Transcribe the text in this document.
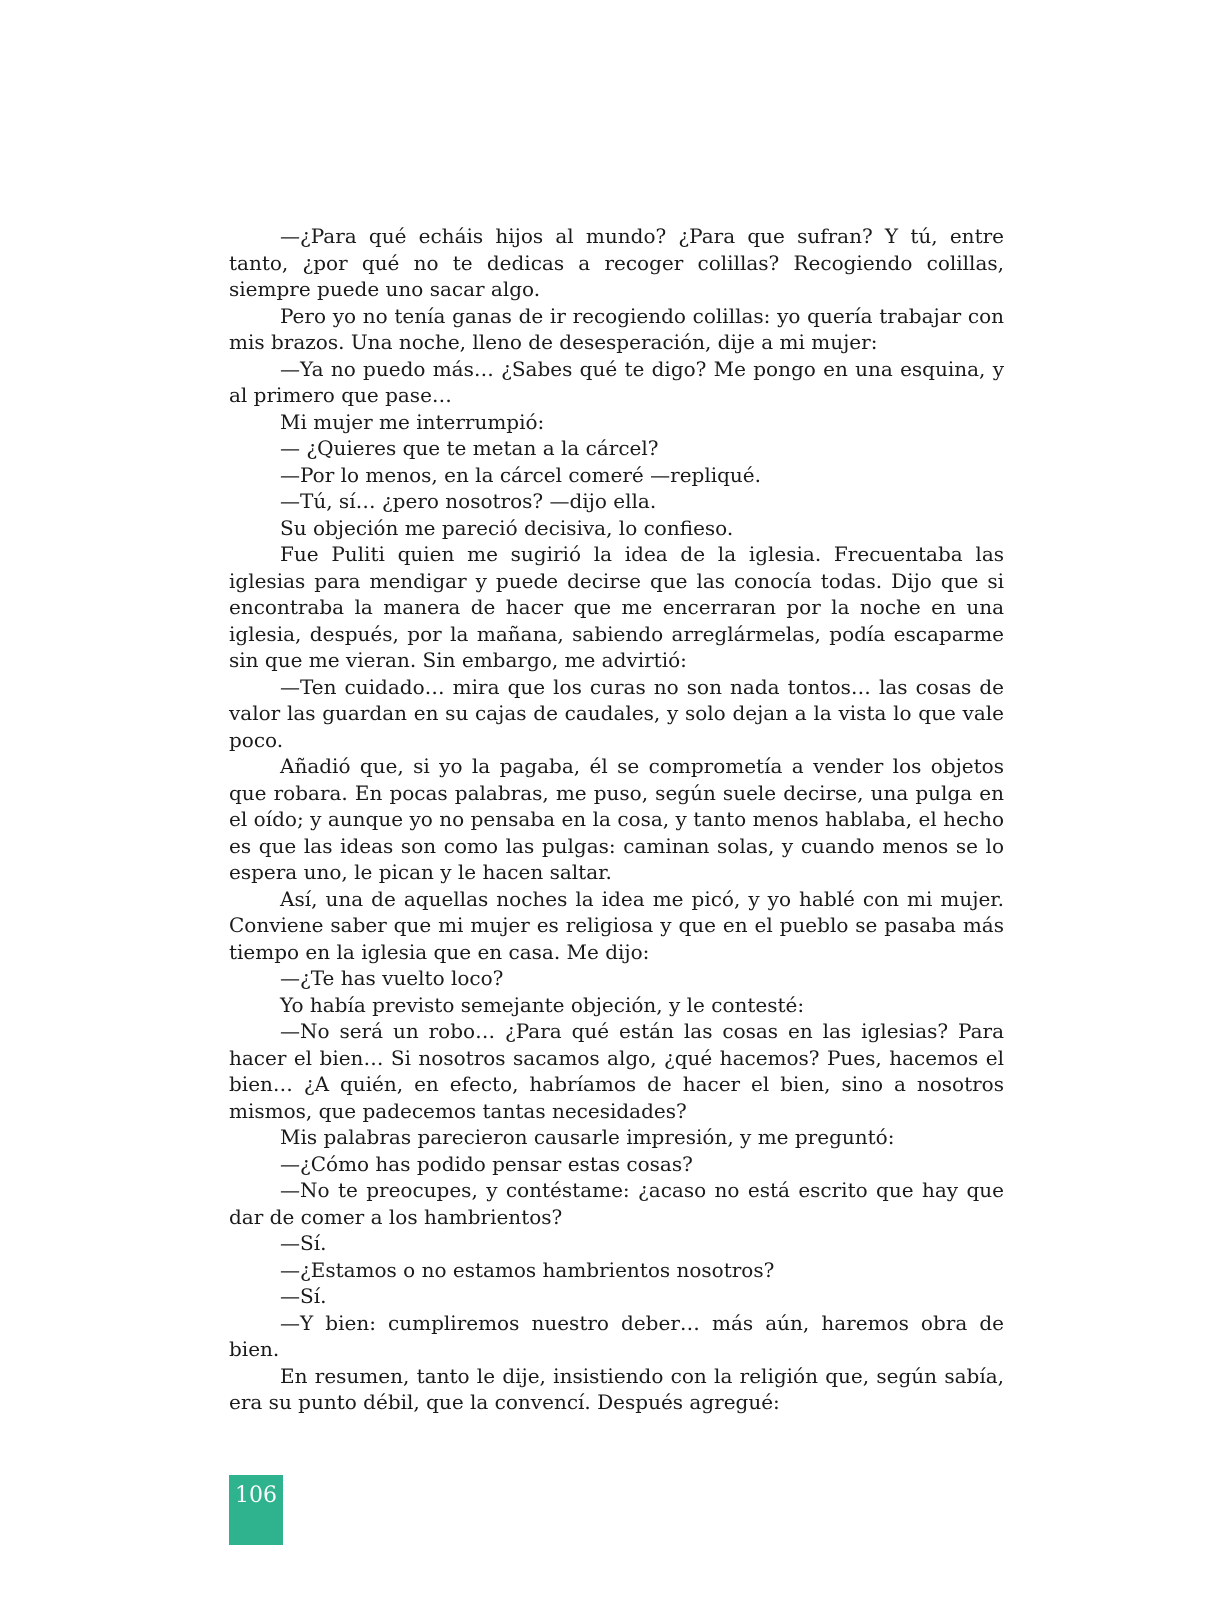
—¿Para qué echáis hijos al mundo? ¿Para que sufran? Y tú, entre tanto, ¿por qué no te dedicas a recoger colillas? Recogiendo colillas, siempre puede uno sacar algo.

Pero yo no tenía ganas de ir recogiendo colillas: yo quería trabajar con mis brazos. Una noche, lleno de desesperación, dije a mi mujer:

—Ya no puedo más… ¿Sabes qué te digo? Me pongo en una esquina, y al primero que pase…

Mi mujer me interrumpió:

— ¿Quieres que te metan a la cárcel?

—Por lo menos, en la cárcel comeré —repliqué.

—Tú, sí… ¿pero nosotros? —dijo ella.

Su objeción me pareció decisiva, lo confieso.

Fue Puliti quien me sugirió la idea de la iglesia. Frecuentaba las iglesias para mendigar y puede decirse que las conocía todas. Dijo que si encontraba la manera de hacer que me encerraran por la noche en una iglesia, después, por la mañana, sabiendo arreglármelas, podía escaparme sin que me vieran. Sin embargo, me advirtió:

—Ten cuidado… mira que los curas no son nada tontos… las cosas de valor las guardan en su cajas de caudales, y solo dejan a la vista lo que vale poco.

Añadió que, si yo la pagaba, él se comprometía a vender los objetos que robara. En pocas palabras, me puso, según suele decirse, una pulga en el oído; y aunque yo no pensaba en la cosa, y tanto menos hablaba, el hecho es que las ideas son como las pulgas: caminan solas, y cuando menos se lo espera uno, le pican y le hacen saltar.

Así, una de aquellas noches la idea me picó, y yo hablé con mi mujer. Conviene saber que mi mujer es religiosa y que en el pueblo se pasaba más tiempo en la iglesia que en casa. Me dijo:

—¿Te has vuelto loco?

Yo había previsto semejante objeción, y le contesté:

—No será un robo… ¿Para qué están las cosas en las iglesias? Para hacer el bien… Si nosotros sacamos algo, ¿qué hacemos? Pues, hacemos el bien… ¿A quién, en efecto, habríamos de hacer el bien, sino a nosotros mismos, que padecemos tantas necesidades?

Mis palabras parecieron causarle impresión, y me preguntó:

—¿Cómo has podido pensar estas cosas?

—No te preocupes, y contéstame: ¿acaso no está escrito que hay que dar de comer a los hambrientos?

—Sí.

—¿Estamos o no estamos hambrientos nosotros?

—Sí.

—Y bien: cumpliremos nuestro deber… más aún, haremos obra de bien.

En resumen, tanto le dije, insistiendo con la religión que, según sabía, era su punto débil, que la convencí. Después agregué:

106
